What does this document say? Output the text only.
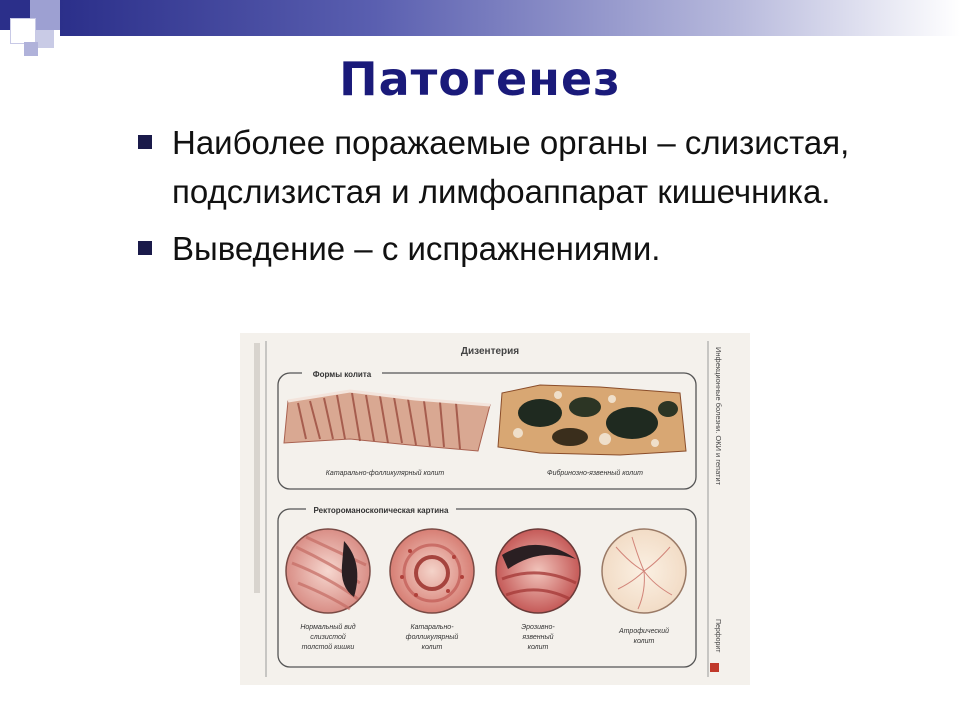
Патогенез
Наиболее поражаемые органы – слизистая, подслизистая и лимфоаппарат кишечника.
Выведение – с испражнениями.
Дизентерия
Формы колита
Катарально-фолликулярный колит	Фибринозно-язвенный колит
Ректороманоскопическая картина
Нормальный вид
слизистой
толстой кишки
Катарально-
фолликулярный
колит
Эрозивно-
язвенный
колит
Атрофический
колит
Инфекционные болезни. ОКИ и гепатит
Перфорит
